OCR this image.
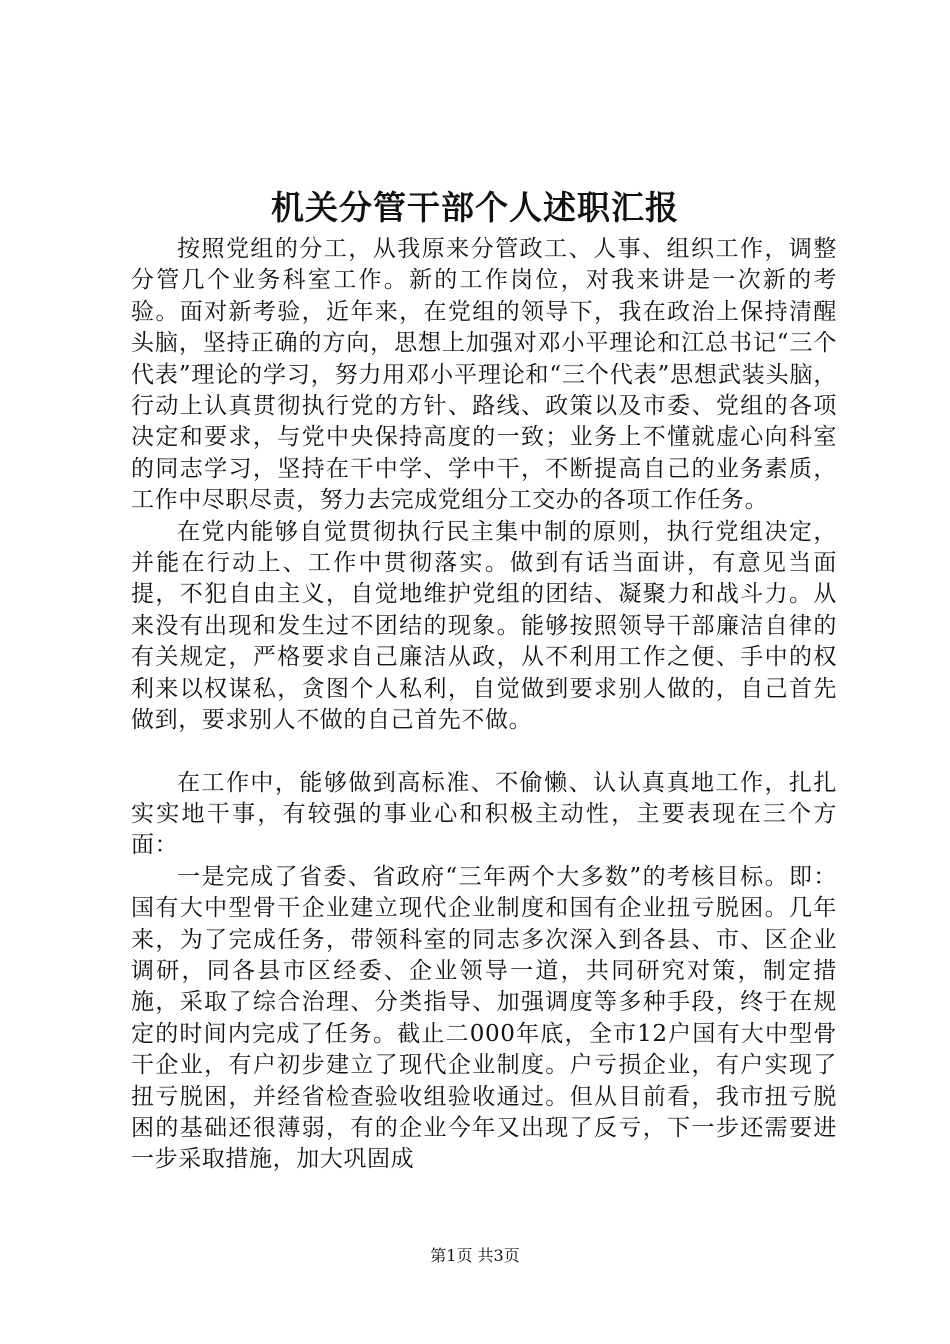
机关分管干部个人述职汇报

按照党组的分工，从我原来分管政工、人事、组织工作，调整分管几个业务科室工作。新的工作岗位，对我来讲是一次新的考验。面对新考验，近年来，在党组的领导下，我在政治上保持清醒头脑，坚持正确的方向，思想上加强对邓小平理论和江总书记“三个代表”理论的学习，努力用邓小平理论和“三个代表”思想武装头脑，行动上认真贯彻执行党的方针、路线、政策以及市委、党组的各项决定和要求，与党中央保持高度的一致；业务上不懂就虚心向科室的同志学习，坚持在干中学、学中干，不断提高自己的业务素质，工作中尽职尽责，努力去完成党组分工交办的各项工作任务。

在党内能够自觉贯彻执行民主集中制的原则，执行党组决定，并能在行动上、工作中贯彻落实。做到有话当面讲，有意见当面提，不犯自由主义，自觉地维护党组的团结、凝聚力和战斗力。从来没有出现和发生过不团结的现象。能够按照领导干部廉洁自律的有关规定，严格要求自己廉洁从政，从不利用工作之便、手中的权利来以权谋私，贪图个人私利，自觉做到要求别人做的，自己首先做到，要求别人不做的自己首先不做。

在工作中，能够做到高标准、不偷懒、认认真真地工作，扎扎实实地干事，有较强的事业心和积极主动性，主要表现在三个方面：

一是完成了省委、省政府“三年两个大多数”的考核目标。即：国有大中型骨干企业建立现代企业制度和国有企业扭亏脱困。几年来，为了完成任务，带领科室的同志多次深入到各县、市、区企业调研，同各县市区经委、企业领导一道，共同研究对策，制定措施，采取了综合治理、分类指导、加强调度等多种手段，终于在规定的时间内完成了任务。截止二000年底，全市12户国有大中型骨干企业，有户初步建立了现代企业制度。户亏损企业，有户实现了扭亏脱困，并经省检查验收组验收通过。但从目前看，我市扭亏脱困的基础还很薄弱，有的企业今年又出现了反亏，下一步还需要进一步采取措施，加大巩固成

第1页 共3页
